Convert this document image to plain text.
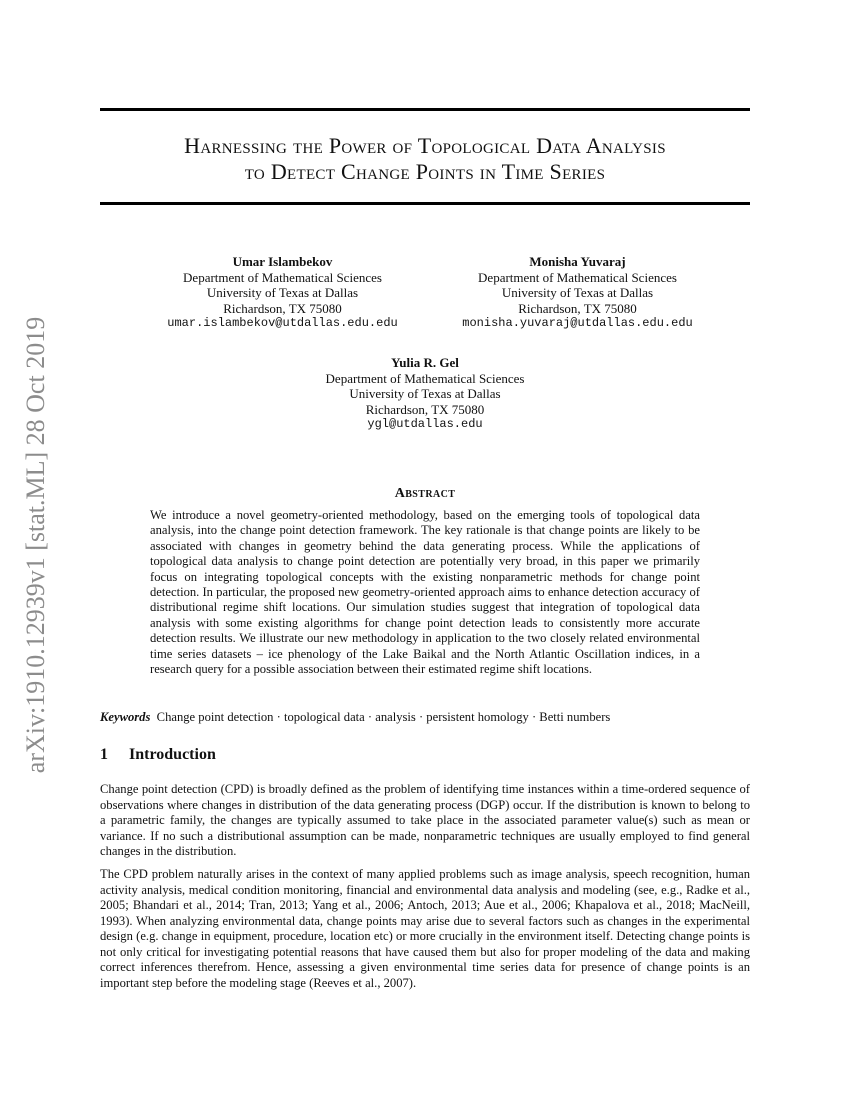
arXiv:1910.12939v1 [stat.ML] 28 Oct 2019
Harnessing the Power of Topological Data Analysis
to Detect Change Points in Time Series
Umar Islambekov
Department of Mathematical Sciences
University of Texas at Dallas
Richardson, TX 75080
umar.islambekov@utdallas.edu.edu
Monisha Yuvaraj
Department of Mathematical Sciences
University of Texas at Dallas
Richardson, TX 75080
monisha.yuvaraj@utdallas.edu.edu
Yulia R. Gel
Department of Mathematical Sciences
University of Texas at Dallas
Richardson, TX 75080
ygl@utdallas.edu
Abstract
We introduce a novel geometry-oriented methodology, based on the emerging tools of topological data analysis, into the change point detection framework. The key rationale is that change points are likely to be associated with changes in geometry behind the data generating process. While the applications of topological data analysis to change point detection are potentially very broad, in this paper we primarily focus on integrating topological concepts with the existing nonparametric methods for change point detection. In particular, the proposed new geometry-oriented approach aims to enhance detection accuracy of distributional regime shift locations. Our simulation studies suggest that integration of topological data analysis with some existing algorithms for change point detection leads to consistently more accurate detection results. We illustrate our new methodology in application to the two closely related environmental time series datasets – ice phenology of the Lake Baikal and the North Atlantic Oscillation indices, in a research query for a possible association between their estimated regime shift locations.
Keywords Change point detection · topological data · analysis · persistent homology · Betti numbers
1 Introduction
Change point detection (CPD) is broadly defined as the problem of identifying time instances within a time-ordered sequence of observations where changes in distribution of the data generating process (DGP) occur. If the distribution is known to belong to a parametric family, the changes are typically assumed to take place in the associated parameter value(s) such as mean or variance. If no such a distributional assumption can be made, nonparametric techniques are usually employed to find general changes in the distribution.
The CPD problem naturally arises in the context of many applied problems such as image analysis, speech recognition, human activity analysis, medical condition monitoring, financial and environmental data analysis and modeling (see, e.g., Radke et al., 2005; Bhandari et al., 2014; Tran, 2013; Yang et al., 2006; Antoch, 2013; Aue et al., 2006; Khapalova et al., 2018; MacNeill, 1993). When analyzing environmental data, change points may arise due to several factors such as changes in the experimental design (e.g. change in equipment, procedure, location etc) or more crucially in the environment itself. Detecting change points is not only critical for investigating potential reasons that have caused them but also for proper modeling of the data and making correct inferences therefrom. Hence, assessing a given environmental time series data for presence of change points is an important step before the modeling stage (Reeves et al., 2007).
